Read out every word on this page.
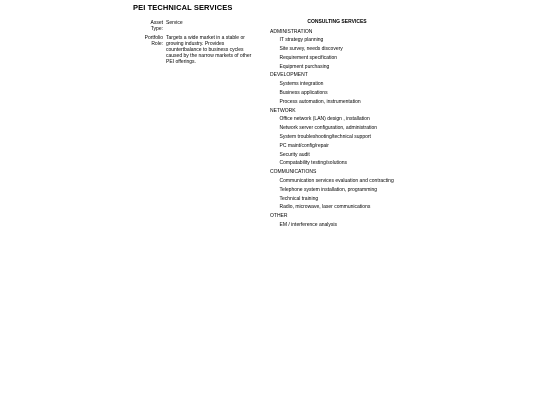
PEI TECHNICAL SERVICES
Asset Type:
Service
Portfolio Role:
Targets a wide market in a stable or growing industry. Provides countertbalance to business cycles caused by the narrow markets of other PEI offerings.
CONSULTING SERVICES
ADMINISTRATION
IT strategy planning
Site survey, needs discovery
Requirement specification
Equipment purchasing
DEVELOPMENT
Systems integration
Business applications
Process automation, instrumentation
NETWORK
Office network (LAN) design , installation
Network server configuration, administration
System troubleshooting/technical support
PC maint/config/repair
Security audit
Compatability testing/solutions
COMMUNICATIONS
Communication services evaluation and contracting
Telephone system installation, programming
Technical training
Radio, microwave, laser communications
OTHER
EM / interference analysis
